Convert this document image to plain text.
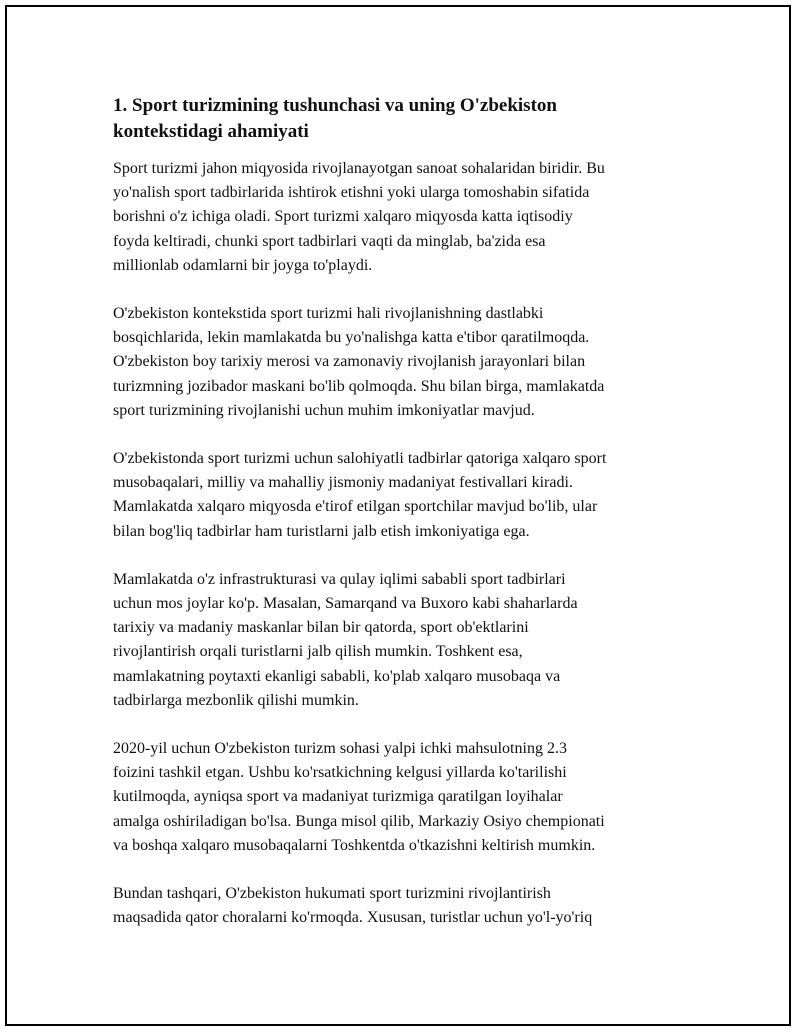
1. Sport turizmining tushunchasi va uning O'zbekiston
kontekstidagi ahamiyati

Sport turizmi jahon miqyosida rivojlanayotgan sanoat sohalaridan biridir. Bu
yo'nalish sport tadbirlarida ishtirok etishni yoki ularga tomoshabin sifatida
borishni o'z ichiga oladi. Sport turizmi xalqaro miqyosda katta iqtisodiy
foyda keltiradi, chunki sport tadbirlari vaqti da minglab, ba'zida esa
millionlab odamlarni bir joyga to'playdi.

O'zbekiston kontekstida sport turizmi hali rivojlanishning dastlabki
bosqichlarida, lekin mamlakatda bu yo'nalishga katta e'tibor qaratilmoqda.
O'zbekiston boy tarixiy merosi va zamonaviy rivojlanish jarayonlari bilan
turizmning jozibador maskani bo'lib qolmoqda. Shu bilan birga, mamlakatda
sport turizmining rivojlanishi uchun muhim imkoniyatlar mavjud.

O'zbekistonda sport turizmi uchun salohiyatli tadbirlar qatoriga xalqaro sport
musobaqalari, milliy va mahalliy jismoniy madaniyat festivallari kiradi.
Mamlakatda xalqaro miqyosda e'tirof etilgan sportchilar mavjud bo'lib, ular
bilan bog'liq tadbirlar ham turistlarni jalb etish imkoniyatiga ega.

Mamlakatda o'z infrastrukturasi va qulay iqlimi sababli sport tadbirlari
uchun mos joylar ko'p. Masalan, Samarqand va Buxoro kabi shaharlarda
tarixiy va madaniy maskanlar bilan bir qatorda, sport ob'ektlarini
rivojlantirish orqali turistlarni jalb qilish mumkin. Toshkent esa,
mamlakatning poytaxti ekanligi sababli, ko'plab xalqaro musobaqa va
tadbirlarga mezbonlik qilishi mumkin.

2020-yil uchun O'zbekiston turizm sohasi yalpi ichki mahsulotning 2.3
foizini tashkil etgan. Ushbu ko'rsatkichning kelgusi yillarda ko'tarilishi
kutilmoqda, ayniqsa sport va madaniyat turizmiga qaratilgan loyihalar
amalga oshiriladigan bo'lsa. Bunga misol qilib, Markaziy Osiyo chempionati
va boshqa xalqaro musobaqalarni Toshkentda o'tkazishni keltirish mumkin.

Bundan tashqari, O'zbekiston hukumati sport turizmini rivojlantirish
maqsadida qator choralarni ko'rmoqda. Xususan, turistlar uchun yo'l-yo'riq
